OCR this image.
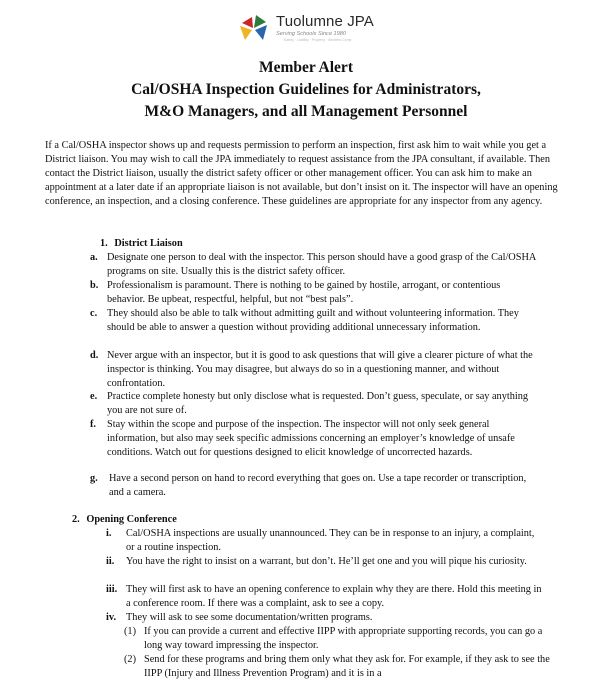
Tuolumne JPA
Serving Schools Since 1980
Safety · Liability · Property · Workers Comp
Member Alert
Cal/OSHA Inspection Guidelines for Administrators,
M&O Managers, and all Management Personnel

If a Cal/OSHA inspector shows up and requests permission to perform an inspection, first ask him to wait while you get a District liaison. You may wish to call the JPA immediately to request assistance from the JPA consultant, if available. Then contact the District liaison, usually the district safety officer or other management officer. You can ask him to make an appointment at a later date if an appropriate liaison is not available, but don’t insist on it. The inspector will have an opening conference, an inspection, and a closing conference. These guidelines are appropriate for any inspector from any agency.

1. District Liaison
a. Designate one person to deal with the inspector. This person should have a good grasp of the Cal/OSHA programs on site. Usually this is the district safety officer.
b. Professionalism is paramount. There is nothing to be gained by hostile, arrogant, or contentious behavior. Be upbeat, respectful, helpful, but not “best pals”.
c. They should also be able to talk without admitting guilt and without volunteering information. They should be able to answer a question without providing additional unnecessary information.
d. Never argue with an inspector, but it is good to ask questions that will give a clearer picture of what the inspector is thinking. You may disagree, but always do so in a questioning manner, and without confrontation.
e. Practice complete honesty but only disclose what is requested. Don’t guess, speculate, or say anything you are not sure of.
f. Stay within the scope and purpose of the inspection. The inspector will not only seek general information, but also may seek specific admissions concerning an employer’s knowledge of unsafe conditions. Watch out for questions designed to elicit knowledge of uncorrected hazards.
g. Have a second person on hand to record everything that goes on. Use a tape recorder or transcription, and a camera.
2. Opening Conference
i. Cal/OSHA inspections are usually unannounced. They can be in response to an injury, a complaint, or a routine inspection.
ii. You have the right to insist on a warrant, but don’t. He’ll get one and you will pique his curiosity.
iii. They will first ask to have an opening conference to explain why they are there. Hold this meeting in a conference room. If there was a complaint, ask to see a copy.
iv. They will ask to see some documentation/written programs.
(1) If you can provide a current and effective IIPP with appropriate supporting records, you can go a long way toward impressing the inspector.
(2) Send for these programs and bring them only what they ask for. For example, if they ask to see the IIPP (Injury and Illness Prevention Program) and it is in a
